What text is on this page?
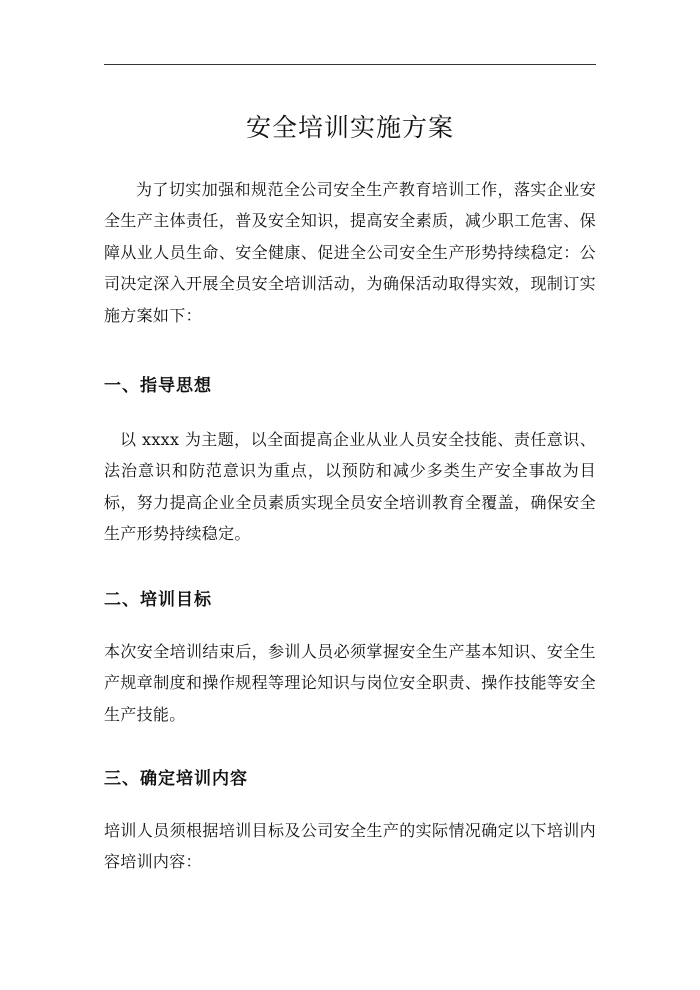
安全培训实施方案

为了切实加强和规范全公司安全生产教育培训工作，落实企业安全生产主体责任，普及安全知识，提高安全素质，减少职工危害、保障从业人员生命、安全健康、促进全公司安全生产形势持续稳定：公司决定深入开展全员安全培训活动，为确保活动取得实效，现制订实施方案如下：

一、指导思想

以 xxxx 为主题，以全面提高企业从业人员安全技能、责任意识、法治意识和防范意识为重点，以预防和减少多类生产安全事故为目标，努力提高企业全员素质实现全员安全培训教育全覆盖，确保安全生产形势持续稳定。

二、培训目标

本次安全培训结束后，参训人员必须掌握安全生产基本知识、安全生产规章制度和操作规程等理论知识与岗位安全职责、操作技能等安全生产技能。

三、确定培训内容

培训人员须根据培训目标及公司安全生产的实际情况确定以下培训内容培训内容：
